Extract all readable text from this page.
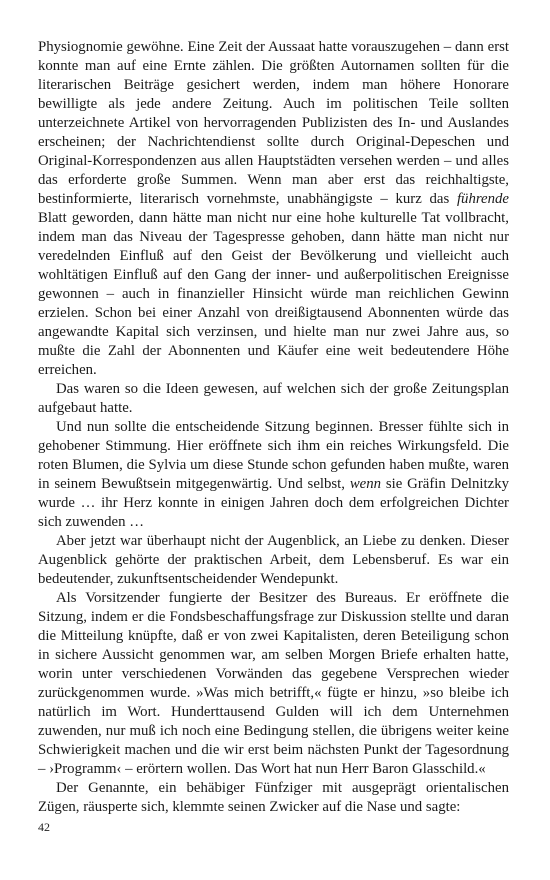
Physiognomie gewöhne. Eine Zeit der Aussaat hatte vorauszugehen – dann erst konnte man auf eine Ernte zählen. Die größten Autornamen sollten für die literarischen Beiträge gesichert werden, indem man höhere Honorare bewilligte als jede andere Zeitung. Auch im politischen Teile sollten unterzeichnete Artikel von hervorragenden Publizisten des In- und Auslandes erscheinen; der Nachrichtendienst sollte durch Original-Depeschen und Original-Korrespondenzen aus allen Hauptstädten versehen werden – und alles das erforderte große Summen. Wenn man aber erst das reichhaltigste, bestinformierte, literarisch vornehmste, unabhängigste – kurz das führende Blatt geworden, dann hätte man nicht nur eine hohe kulturelle Tat vollbracht, indem man das Niveau der Tagespresse gehoben, dann hätte man nicht nur veredelnden Einfluß auf den Geist der Bevölkerung und vielleicht auch wohltätigen Einfluß auf den Gang der inner- und außerpolitischen Ereignisse gewonnen – auch in finanzieller Hinsicht würde man reichlichen Gewinn erzielen. Schon bei einer Anzahl von dreißigtausend Abonnenten würde das angewandte Kapital sich verzinsen, und hielte man nur zwei Jahre aus, so mußte die Zahl der Abonnenten und Käufer eine weit bedeutendere Höhe erreichen.

Das waren so die Ideen gewesen, auf welchen sich der große Zeitungsplan aufgebaut hatte.

Und nun sollte die entscheidende Sitzung beginnen. Bresser fühlte sich in gehobener Stimmung. Hier eröffnete sich ihm ein reiches Wirkungsfeld. Die roten Blumen, die Sylvia um diese Stunde schon gefunden haben mußte, waren in seinem Bewußtsein mitgegenwärtig. Und selbst, wenn sie Gräfin Delnitzky wurde … ihr Herz konnte in einigen Jahren doch dem erfolgreichen Dichter sich zuwenden …

Aber jetzt war überhaupt nicht der Augenblick, an Liebe zu denken. Dieser Augenblick gehörte der praktischen Arbeit, dem Lebensberuf. Es war ein bedeutender, zukunftsentscheidender Wendepunkt.

Als Vorsitzender fungierte der Besitzer des Bureaus. Er eröffnete die Sitzung, indem er die Fondsbeschaffungsfrage zur Diskussion stellte und daran die Mitteilung knüpfte, daß er von zwei Kapitalisten, deren Beteiligung schon in sichere Aussicht genommen war, am selben Morgen Briefe erhalten hatte, worin unter verschiedenen Vorwänden das gegebene Versprechen wieder zurückgenommen wurde. »Was mich betrifft,« fügte er hinzu, »so bleibe ich natürlich im Wort. Hunderttausend Gulden will ich dem Unternehmen zuwenden, nur muß ich noch eine Bedingung stellen, die übrigens weiter keine Schwierigkeit machen und die wir erst beim nächsten Punkt der Tagesordnung – ›Programm‹ – erörtern wollen. Das Wort hat nun Herr Baron Glasschild.«

Der Genannte, ein behäbiger Fünfziger mit ausgeprägt orientalischen Zügen, räusperte sich, klemmte seinen Zwicker auf die Nase und sagte:

42
